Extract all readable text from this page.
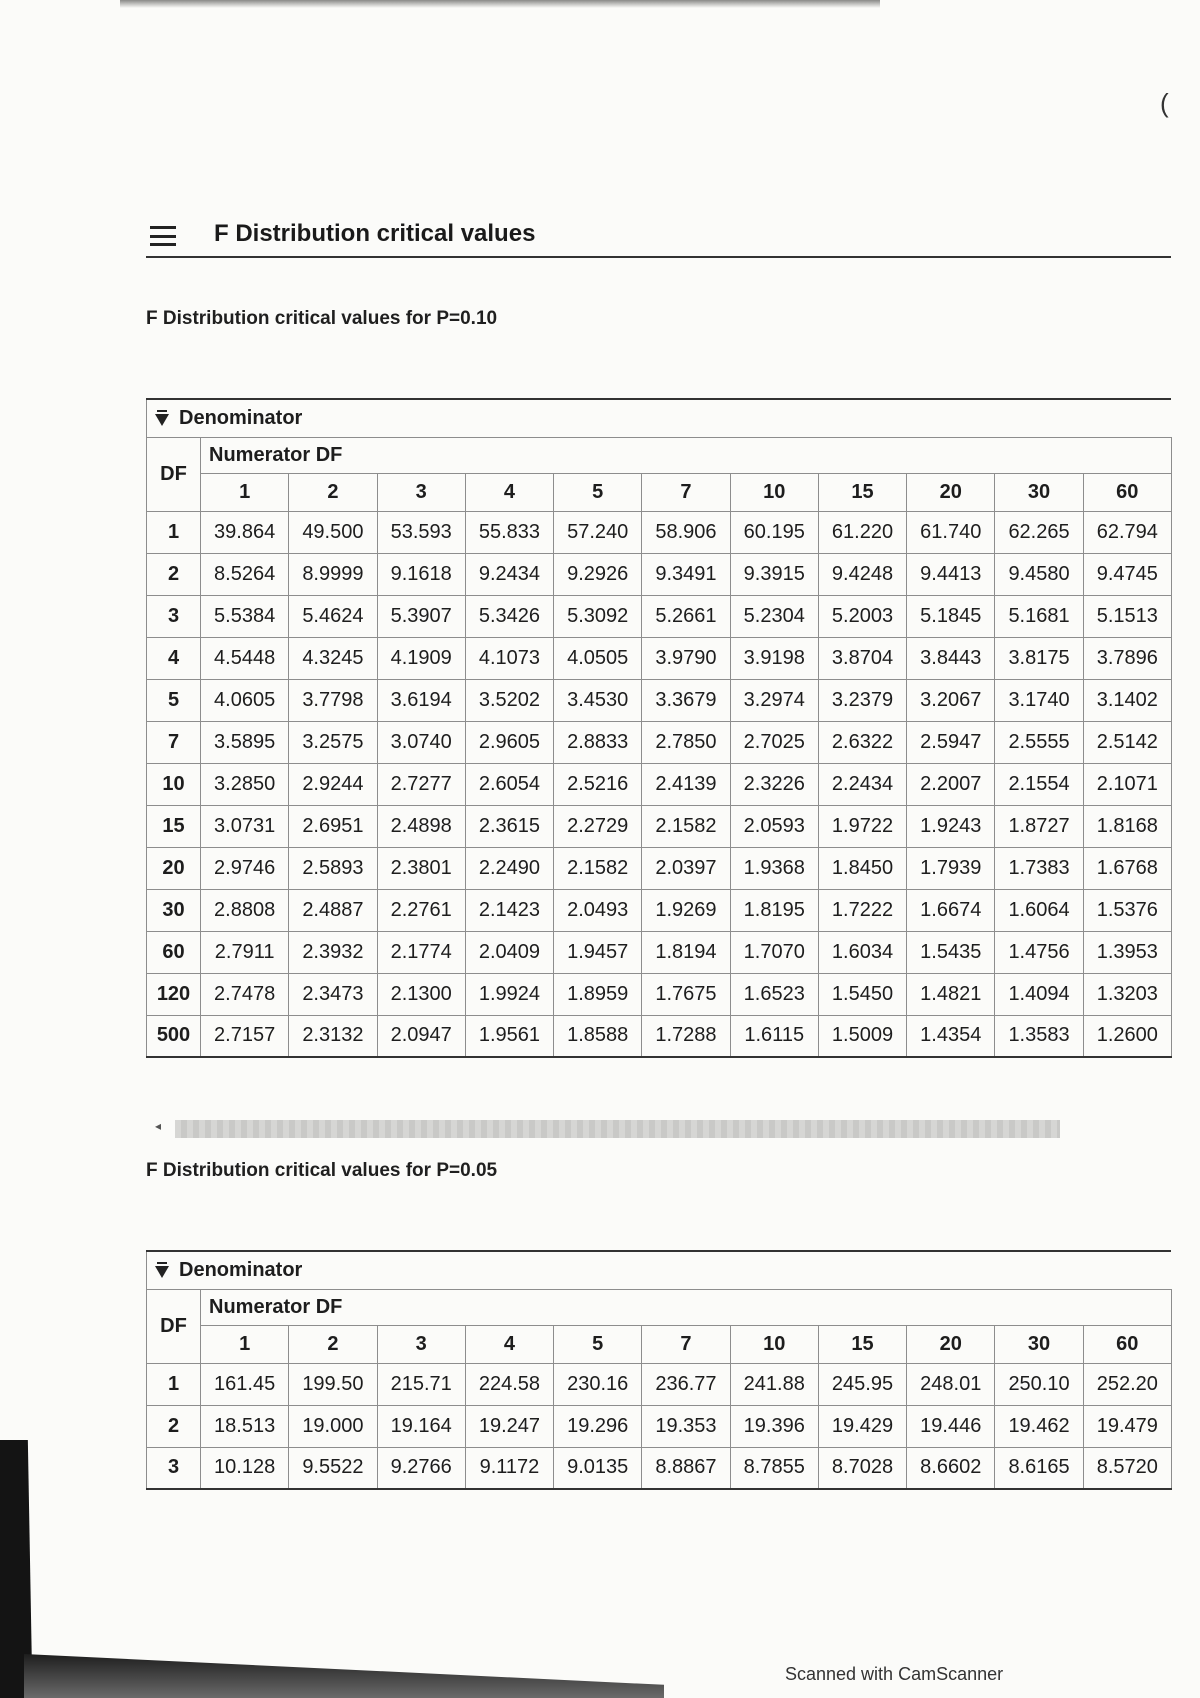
F Distribution critical values
(
F Distribution critical values for P=0.10
Denominator											
DF	Numerator DF										
	1	2	3	4	5	7	10	15	20	30	60
1	39.864	49.500	53.593	55.833	57.240	58.906	60.195	61.220	61.740	62.265	62.794
2	8.5264	8.9999	9.1618	9.2434	9.2926	9.3491	9.3915	9.4248	9.4413	9.4580	9.4745
3	5.5384	5.4624	5.3907	5.3426	5.3092	5.2661	5.2304	5.2003	5.1845	5.1681	5.1513
4	4.5448	4.3245	4.1909	4.1073	4.0505	3.9790	3.9198	3.8704	3.8443	3.8175	3.7896
5	4.0605	3.7798	3.6194	3.5202	3.4530	3.3679	3.2974	3.2379	3.2067	3.1740	3.1402
7	3.5895	3.2575	3.0740	2.9605	2.8833	2.7850	2.7025	2.6322	2.5947	2.5555	2.5142
10	3.2850	2.9244	2.7277	2.6054	2.5216	2.4139	2.3226	2.2434	2.2007	2.1554	2.1071
15	3.0731	2.6951	2.4898	2.3615	2.2729	2.1582	2.0593	1.9722	1.9243	1.8727	1.8168
20	2.9746	2.5893	2.3801	2.2490	2.1582	2.0397	1.9368	1.8450	1.7939	1.7383	1.6768
30	2.8808	2.4887	2.2761	2.1423	2.0493	1.9269	1.8195	1.7222	1.6674	1.6064	1.5376
60	2.7911	2.3932	2.1774	2.0409	1.9457	1.8194	1.7070	1.6034	1.5435	1.4756	1.3953
120	2.7478	2.3473	2.1300	1.9924	1.8959	1.7675	1.6523	1.5450	1.4821	1.4094	1.3203
500	2.7157	2.3132	2.0947	1.9561	1.8588	1.7288	1.6115	1.5009	1.4354	1.3583	1.2600
◂
F Distribution critical values for P=0.05
Denominator											
DF	Numerator DF										
	1	2	3	4	5	7	10	15	20	30	60
1	161.45	199.50	215.71	224.58	230.16	236.77	241.88	245.95	248.01	250.10	252.20
2	18.513	19.000	19.164	19.247	19.296	19.353	19.396	19.429	19.446	19.462	19.479
3	10.128	9.5522	9.2766	9.1172	9.0135	8.8867	8.7855	8.7028	8.6602	8.6165	8.5720
Scanned with CamScanner
